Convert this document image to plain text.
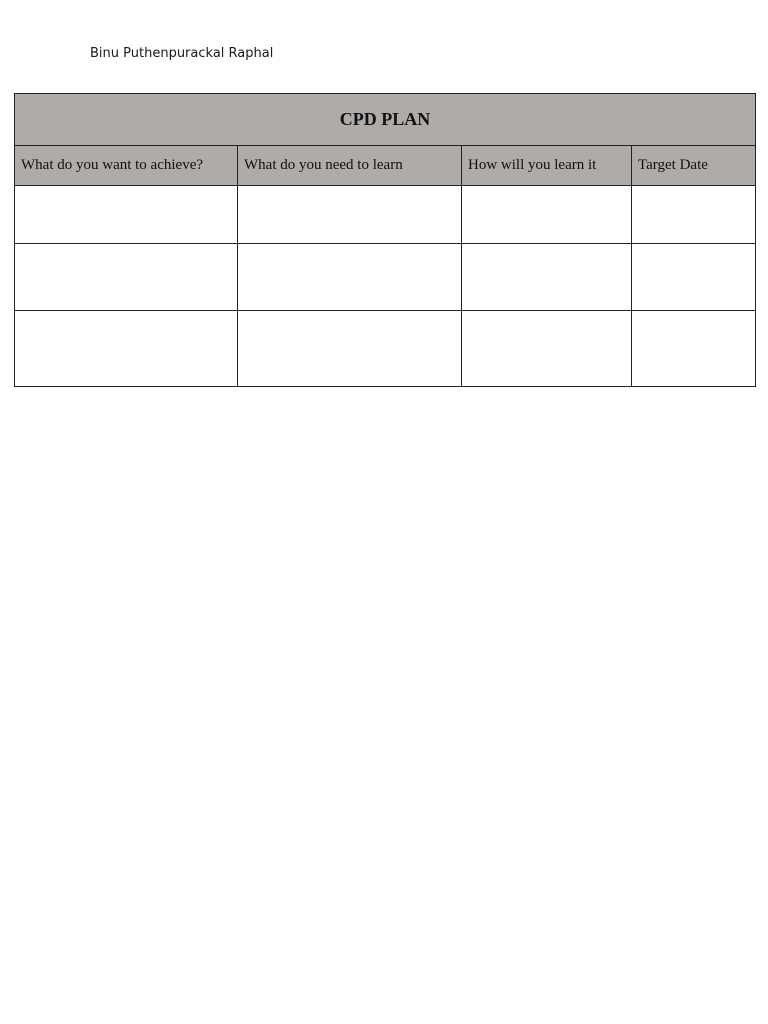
Binu Puthenpurackal Raphal
CPD PLAN			

What do you want to achieve?	What do you need to learn	How will you learn it	Target Date
